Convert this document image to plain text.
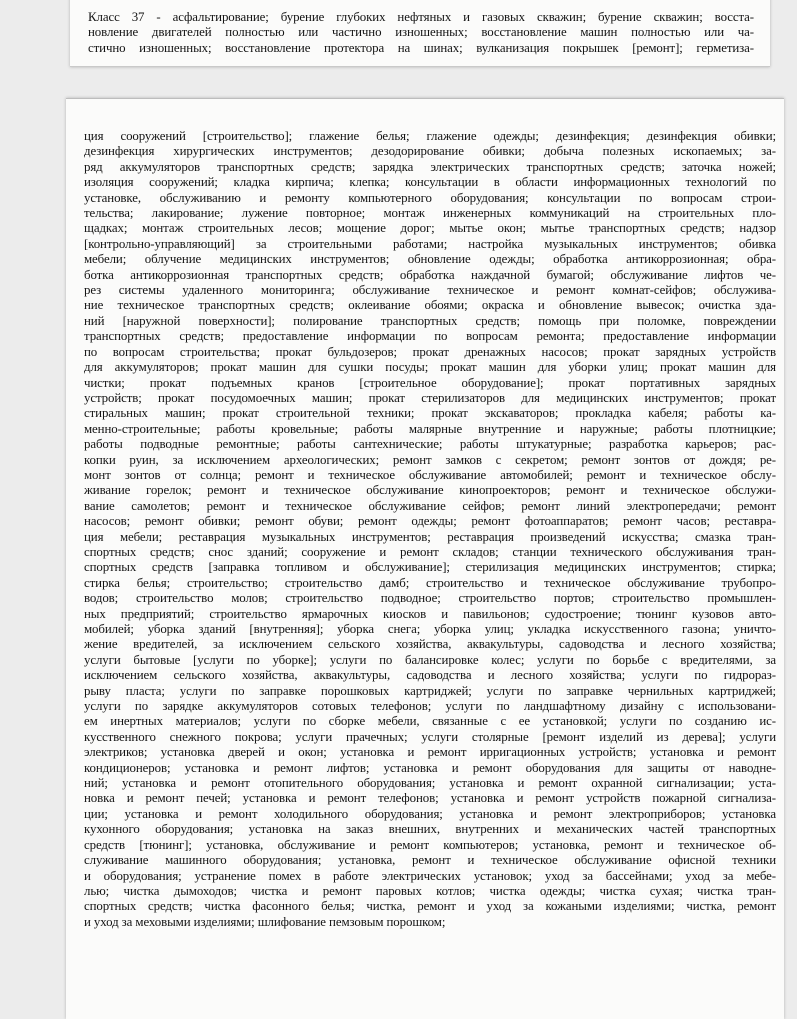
Класс 37 - асфальтирование; бурение глубоких нефтяных и газовых скважин; бурение скважин; восста-

новление двигателей полностью или частично изношенных; восстановление машин полностью или ча-

стично изношенных; восстановление протектора на шинах; вулканизация покрышек [ремонт]; герметиза-

ция сооружений [строительство]; глажение белья; глажение одежды; дезинфекция; дезинфекция обивки;

дезинфекция хирургических инструментов; дезодорирование обивки; добыча полезных ископаемых; за-

ряд аккумуляторов транспортных средств; зарядка электрических транспортных средств; заточка ножей;

изоляция сооружений; кладка кирпича; клепка; консультации в области информационных технологий по

установке, обслуживанию и ремонту компьютерного оборудования; консультации по вопросам строи-

тельства; лакирование; лужение повторное; монтаж инженерных коммуникаций на строительных пло-

щадках; монтаж строительных лесов; мощение дорог; мытье окон; мытье транспортных средств; надзор

[контрольно-управляющий] за строительными работами; настройка музыкальных инструментов; обивка

мебели; облучение медицинских инструментов; обновление одежды; обработка антикоррозионная; обра-

ботка антикоррозионная транспортных средств; обработка наждачной бумагой; обслуживание лифтов че-

рез системы удаленного мониторинга; обслуживание техническое и ремонт комнат-сейфов; обслужива-

ние техническое транспортных средств; оклеивание обоями; окраска и обновление вывесок; очистка зда-

ний [наружной поверхности]; полирование транспортных средств; помощь при поломке, повреждении

транспортных средств; предоставление информации по вопросам ремонта; предоставление информации

по вопросам строительства; прокат бульдозеров; прокат дренажных насосов; прокат зарядных устройств

для аккумуляторов; прокат машин для сушки посуды; прокат машин для уборки улиц; прокат машин для

чистки; прокат подъемных кранов [строительное оборудование]; прокат портативных зарядных

устройств; прокат посудомоечных машин; прокат стерилизаторов для медицинских инструментов; прокат

стиральных машин; прокат строительной техники; прокат экскаваторов; прокладка кабеля; работы ка-

менно-строительные; работы кровельные; работы малярные внутренние и наружные; работы плотницкие;

работы подводные ремонтные; работы сантехнические; работы штукатурные; разработка карьеров; рас-

копки руин, за исключением археологических; ремонт замков с секретом; ремонт зонтов от дождя; ре-

монт зонтов от солнца; ремонт и техническое обслуживание автомобилей; ремонт и техническое обслу-

живание горелок; ремонт и техническое обслуживание кинопроекторов; ремонт и техническое обслужи-

вание самолетов; ремонт и техническое обслуживание сейфов; ремонт линий электропередачи; ремонт

насосов; ремонт обивки; ремонт обуви; ремонт одежды; ремонт фотоаппаратов; ремонт часов; реставра-

ция мебели; реставрация музыкальных инструментов; реставрация произведений искусства; смазка тран-

спортных средств; снос зданий; сооружение и ремонт складов; станции технического обслуживания тран-

спортных средств [заправка топливом и обслуживание]; стерилизация медицинских инструментов; стирка;

стирка белья; строительство; строительство дамб; строительство и техническое обслуживание трубопро-

водов; строительство молов; строительство подводное; строительство портов; строительство промышлен-

ных предприятий; строительство ярмарочных киосков и павильонов; судостроение; тюнинг кузовов авто-

мобилей; уборка зданий [внутренняя]; уборка снега; уборка улиц; укладка искусственного газона; уничто-

жение вредителей, за исключением сельского хозяйства, аквакультуры, садоводства и лесного хозяйства;

услуги бытовые [услуги по уборке]; услуги по балансировке колес; услуги по борьбе с вредителями, за

исключением сельского хозяйства, аквакультуры, садоводства и лесного хозяйства; услуги по гидрораз-

рыву пласта; услуги по заправке порошковых картриджей; услуги по заправке чернильных картриджей;

услуги по зарядке аккумуляторов сотовых телефонов; услуги по ландшафтному дизайну с использовани-

ем инертных материалов; услуги по сборке мебели, связанные с ее установкой; услуги по созданию ис-

кусственного снежного покрова; услуги прачечных; услуги столярные [ремонт изделий из дерева]; услуги

электриков; установка дверей и окон; установка и ремонт ирригационных устройств; установка и ремонт

кондиционеров; установка и ремонт лифтов; установка и ремонт оборудования для защиты от наводне-

ний; установка и ремонт отопительного оборудования; установка и ремонт охранной сигнализации; уста-

новка и ремонт печей; установка и ремонт телефонов; установка и ремонт устройств пожарной сигнализа-

ции; установка и ремонт холодильного оборудования; установка и ремонт электроприборов; установка

кухонного оборудования; установка на заказ внешних, внутренних и механических частей транспортных

средств [тюнинг]; установка, обслуживание и ремонт компьютеров; установка, ремонт и техническое об-

служивание машинного оборудования; установка, ремонт и техническое обслуживание офисной техники

и оборудования; устранение помех в работе электрических установок; уход за бассейнами; уход за мебе-

лью; чистка дымоходов; чистка и ремонт паровых котлов; чистка одежды; чистка сухая; чистка тран-

спортных средств; чистка фасонного белья; чистка, ремонт и уход за кожаными изделиями; чистка, ремонт

и уход за меховыми изделиями; шлифование пемзовым порошком;
